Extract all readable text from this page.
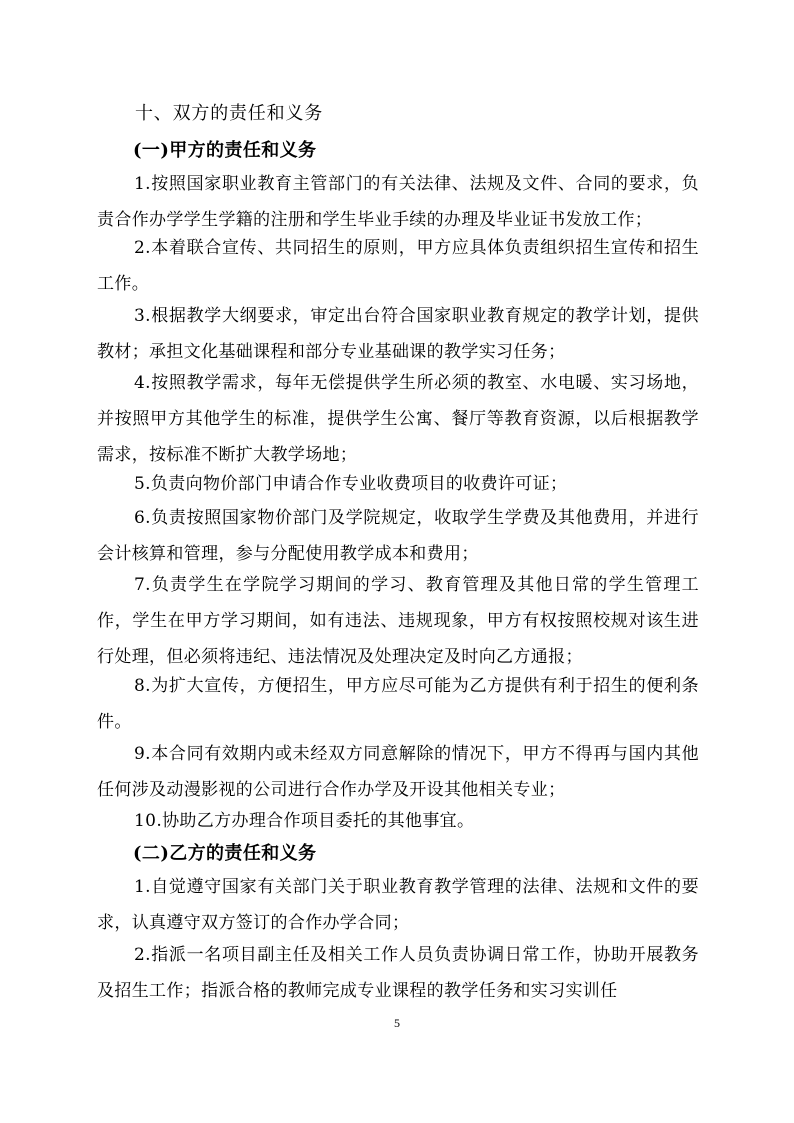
十、双方的责任和义务
(一)甲方的责任和义务
1.按照国家职业教育主管部门的有关法律、法规及文件、合同的要求，负责合作办学学生学籍的注册和学生毕业手续的办理及毕业证书发放工作；
2.本着联合宣传、共同招生的原则，甲方应具体负责组织招生宣传和招生工作。
3.根据教学大纲要求，审定出台符合国家职业教育规定的教学计划，提供教材；承担文化基础课程和部分专业基础课的教学实习任务；
4.按照教学需求，每年无偿提供学生所必须的教室、水电暖、实习场地，并按照甲方其他学生的标准，提供学生公寓、餐厅等教育资源，以后根据教学需求，按标准不断扩大教学场地；
5.负责向物价部门申请合作专业收费项目的收费许可证；
6.负责按照国家物价部门及学院规定，收取学生学费及其他费用，并进行会计核算和管理，参与分配使用教学成本和费用；
7.负责学生在学院学习期间的学习、教育管理及其他日常的学生管理工作，学生在甲方学习期间，如有违法、违规现象，甲方有权按照校规对该生进行处理，但必须将违纪、违法情况及处理决定及时向乙方通报；
8.为扩大宣传，方便招生，甲方应尽可能为乙方提供有利于招生的便利条件。
9.本合同有效期内或未经双方同意解除的情况下，甲方不得再与国内其他任何涉及动漫影视的公司进行合作办学及开设其他相关专业；
10.协助乙方办理合作项目委托的其他事宜。
(二)乙方的责任和义务
1.自觉遵守国家有关部门关于职业教育教学管理的法律、法规和文件的要求，认真遵守双方签订的合作办学合同；
2.指派一名项目副主任及相关工作人员负责协调日常工作，协助开展教务及招生工作；指派合格的教师完成专业课程的教学任务和实习实训任
5
